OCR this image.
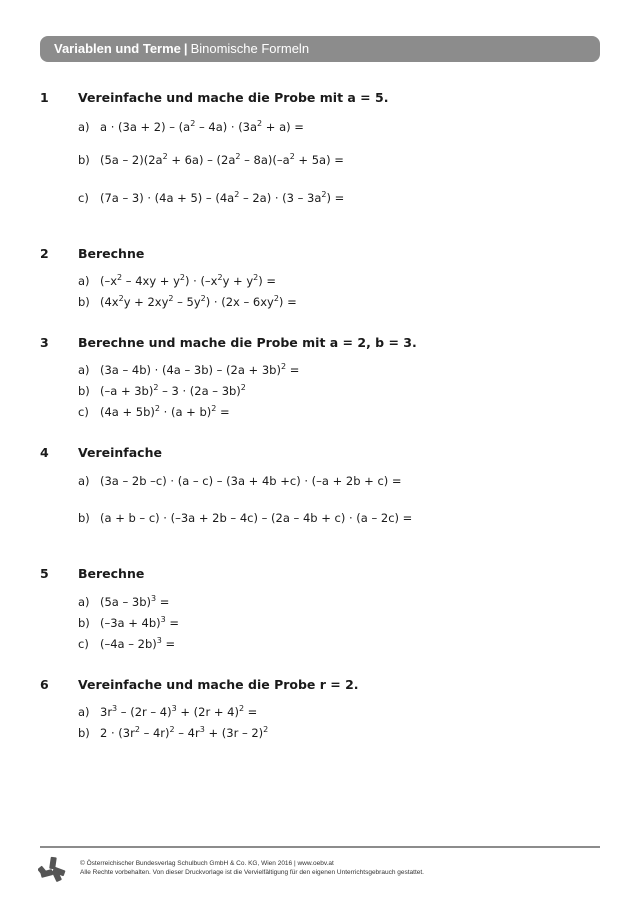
Variablen und Terme | Binomische Formeln
1 Vereinfache und mache die Probe mit a = 5.
a) $a \cdot (3a + 2) - (a^2 - 4a) \cdot (3a^2 + a)$ =
b) $(5a - 2)(2a^2 + 6a) - (2a^2 - 8a)(-a^2 + 5a)$ =
c) $(7a - 3) \cdot (4a + 5) - (4a^2 - 2a) \cdot (3 - 3a^2)$ =
2 Berechne
a) $(-x^2 - 4xy + y^2) \cdot (-x^2y + y^2)$ =
b) $(4x^2y + 2xy^2 - 5y^2) \cdot (2x - 6xy^2)$ =
3 Berechne und mache die Probe mit a = 2, b = 3.
a) $(3a - 4b) \cdot (4a - 3b) - (2a + 3b)^2$ =
b) $(-a + 3b)^2 - 3 \cdot (2a - 3b)^2$
c) $(4a + 5b)^2 \cdot (a + b)^2$ =
4 Vereinfache
a) (3a – 2b –c) · (a – c) – (3a + 4b +c) · (–a + 2b + c) =
b) (a + b – c) · (–3a + 2b – 4c) – (2a – 4b + c) · (a – 2c) =
5 Berechne
a) (5a – 3b)$^3$ =
b) $(-3a + 4b)^3$ =
c) (–4a – 2b)$^3$ =
6 Vereinfache und mache die Probe r = 2.
a) $3r^3 - (2r - 4)^3 + (2r + 4)^2$ =
b) $2 \cdot (3r^2 - 4r)^2 - 4r^3 + (3r - 2)^2$
© Österreichischer Bundesverlag Schulbuch GmbH & Co. KG, Wien 2016 | www.oebv.at
Alle Rechte vorbehalten. Von dieser Druckvorlage ist die Vervielfältigung für den eigenen Unterrichtsgebrauch gestattet.
